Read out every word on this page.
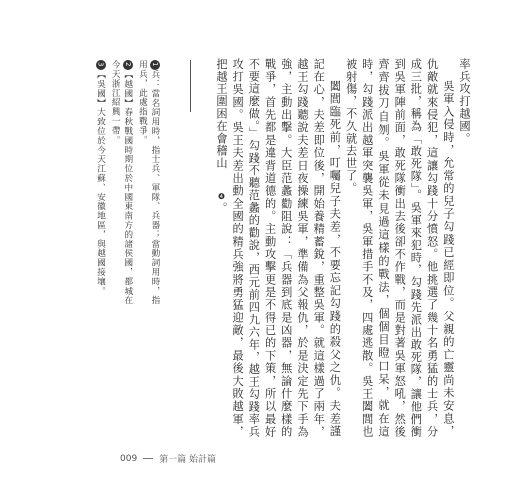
率兵攻打越國。

吳軍入侵時，允常的兒子勾踐已經即位。父親的亡靈尚未安息，仇敵就來侵犯，這讓勾踐十分憤怒。他挑選了幾十名勇猛的士兵，分成三批，稱為「敢死隊」。吳軍來犯時，勾踐先派出敢死隊，讓他們衝到吳軍陣前面，敢死隊衝出去後卻不作戰，而是對著吳軍怒吼，然後齊齊拔刀自刎。吳軍從未見過這樣的戰法，個個目瞪口呆，就在這時，勾踐派出越軍突襲吳軍，吳軍措手不及，四處逃散。吳王闔閭也被射傷，不久就去世了。

闔閭臨死前，叮囑兒子夫差，不要忘記勾踐的殺父之仇。夫差謹記在心，夫差即位後，開始養精蓄銳，重整吳軍。就這樣過了兩年，越王勾踐聽說夫差日夜操練吳軍，準備為父報仇，於是決定先下手為強，主動出擊。大臣范蠡勸阻說：「兵器到底是凶器，無論什麼樣的戰爭，首先都是違背道德的。主動攻擊更是不得已的下策，所以最好不要這麼做。」勾踐不聽范蠡的勸說，西元前四九六年，越王勾踐率兵攻打吳國。吳王夫差出動全國的精兵強將勇猛迎敵，最後大敗越軍，把越王圍困在會稽山❹。

1兵：當名詞用時，指士兵、軍隊、兵器；當動詞用時，指用兵，此處指戰爭。

2【越國】春秋戰國時期位於中國東南方的諸侯國，都城在今天浙江紹興一帶。

3【吳國】大致位於今天江蘇、安徽地區，與越國接壤。

009 第一篇 始計篇
